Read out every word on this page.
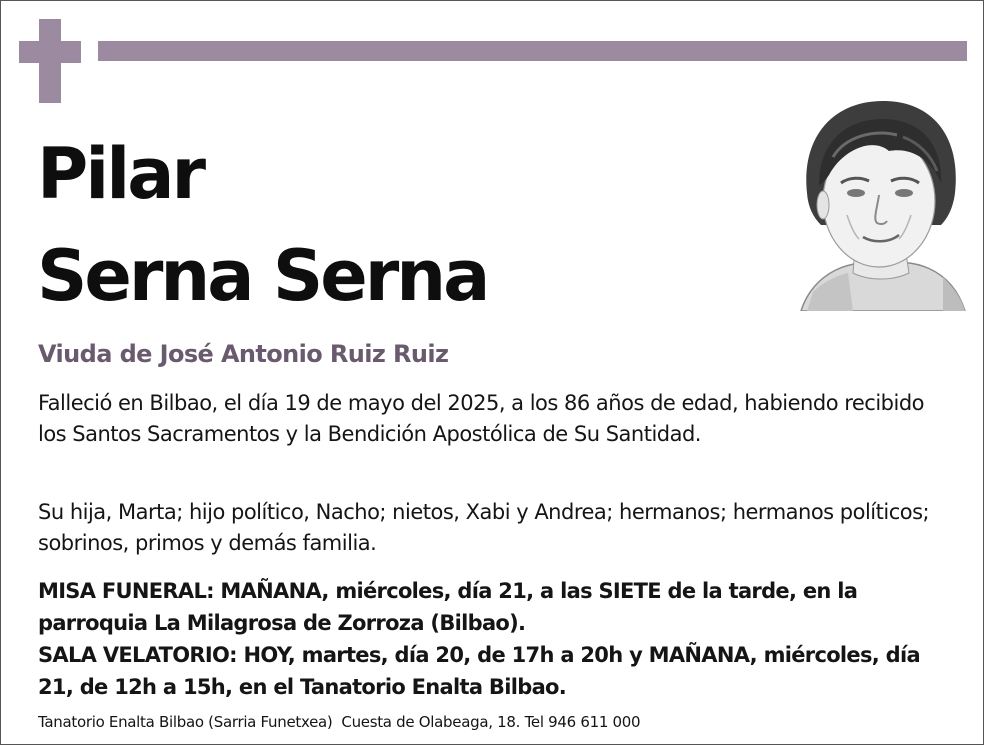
Pilar
Serna Serna
Viuda de José Antonio Ruiz Ruiz
Falleció en Bilbao, el día 19 de mayo del 2025, a los 86 años de edad, habiendo recibido los Santos Sacramentos y la Bendición Apostólica de Su Santidad.
Su hija, Marta; hijo político, Nacho; nietos, Xabi y Andrea; hermanos; hermanos políticos; sobrinos, primos y demás familia.
MISA FUNERAL: MAÑANA, miércoles, día 21, a las SIETE de la tarde, en la parroquia La Milagrosa de Zorroza (Bilbao).
SALA VELATORIO: HOY, martes, día 20, de 17h a 20h y MAÑANA, miércoles, día 21, de 12h a 15h, en el Tanatorio Enalta Bilbao.
Tanatorio Enalta Bilbao (Sarria Funetxea) Cuesta de Olabeaga, 18. Tel 946 611 000
